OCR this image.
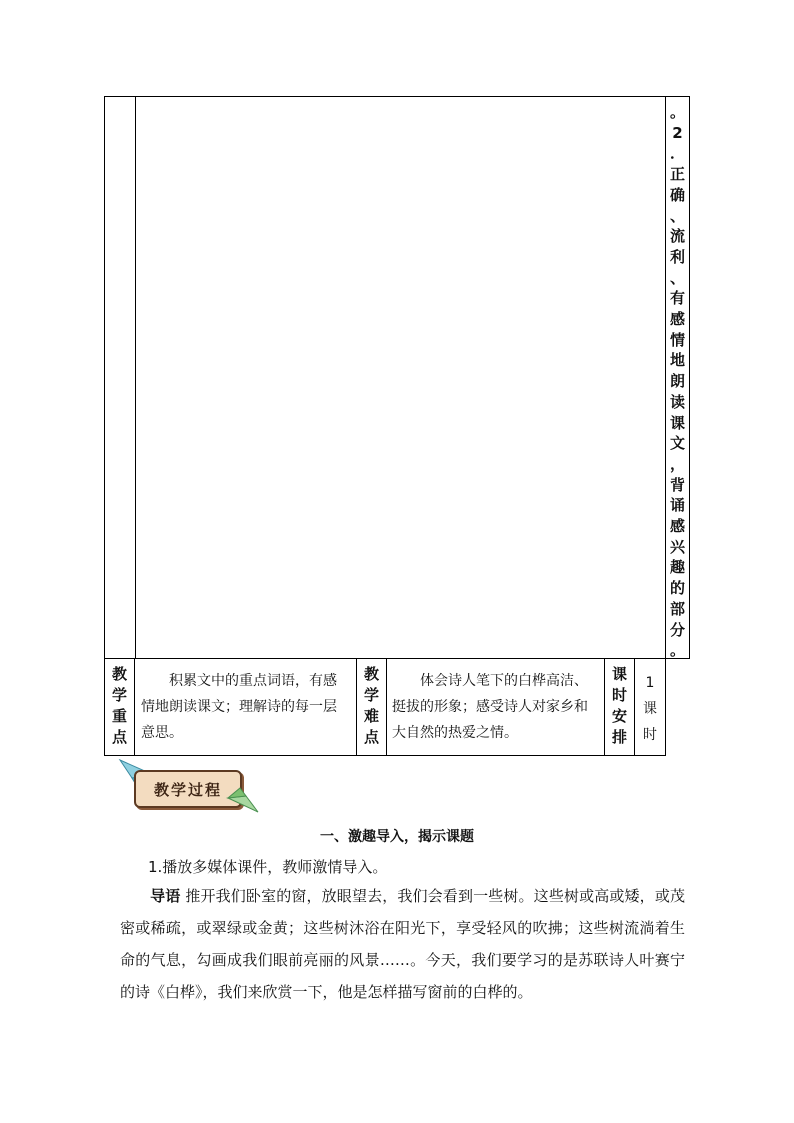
。
2
．
正
确
、
流
利
、
有
感
情
地
朗
读
课
文
，
背
诵
感
兴
趣
的
部
分
。
教
学
重
点
积累文中的重点词语，有感情地朗读课文；理解诗的每一层意思。
教
学
难
点
体会诗人笔下的白桦高洁、挺拔的形象；感受诗人对家乡和大自然的热爱之情。
课
时
安
排
1
课
时
教学过程
一、激趣导入，揭示课题
1.播放多媒体课件，教师激情导入。
导语 推开我们卧室的窗，放眼望去，我们会看到一些树。这些树或高或矮，或茂密或稀疏，或翠绿或金黄；这些树沐浴在阳光下，享受轻风的吹拂；这些树流淌着生命的气息，勾画成我们眼前亮丽的风景……。今天，我们要学习的是苏联诗人叶赛宁的诗《白桦》，我们来欣赏一下，他是怎样描写窗前的白桦的。
